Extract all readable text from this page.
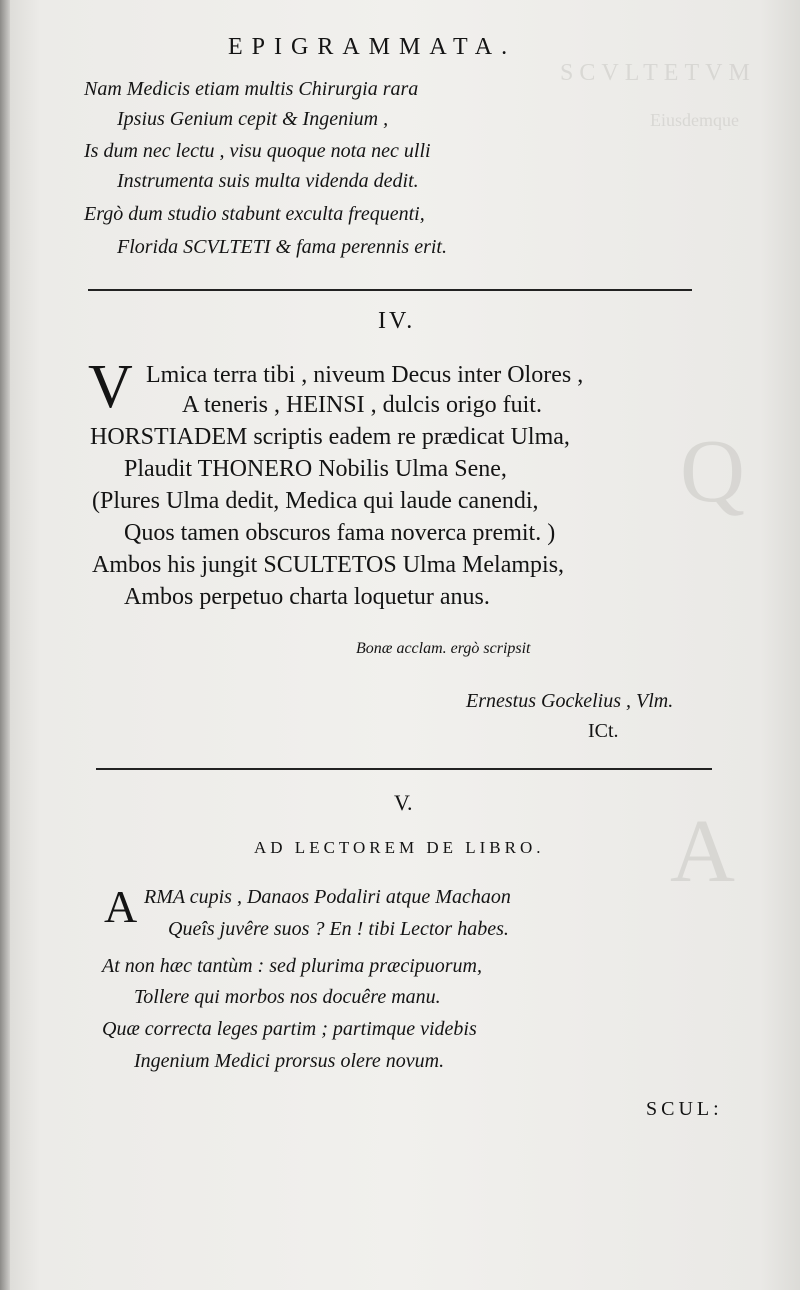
SCVLTETVM
Eiusdemque
Q
A
EPIGRAMMATA.
Nam Medicis etiam multis Chirurgia rara
Ipsius Genium cepit & Ingenium ,
Is dum nec lectu , visu quoque nota nec ulli
Instrumenta suis multa videnda dedit.
Ergò dum studio stabunt exculta frequenti,
Florida SCVLTETI & fama perennis erit.
IV.
V Lmica terra tibi , niveum Decus inter Olores ,
A teneris , HEINSI , dulcis origo fuit.
HORSTIADEM scriptis eadem re prædicat Ulma,
Plaudit THONERO Nobilis Ulma Sene,
(Plures Ulma dedit, Medica qui laude canendi,
Quos tamen obscuros fama noverca premit. )
Ambos his jungit SCULTETOS Ulma Melampis,
Ambos perpetuo charta loquetur anus.
Bonæ acclam. ergò scripsit
Ernestus Gockelius , Vlm.
ICt.
V.
AD LECTOREM DE LIBRO.
A RMA cupis , Danaos Podaliri atque Machaon
Queîs juvêre suos ? En ! tibi Lector habes.
At non hæc tantùm : sed plurima præcipuorum,
Tollere qui morbos nos docuêre manu.
Quæ correcta leges partim ; partimque videbis
Ingenium Medici prorsus olere novum.
SCUL:
